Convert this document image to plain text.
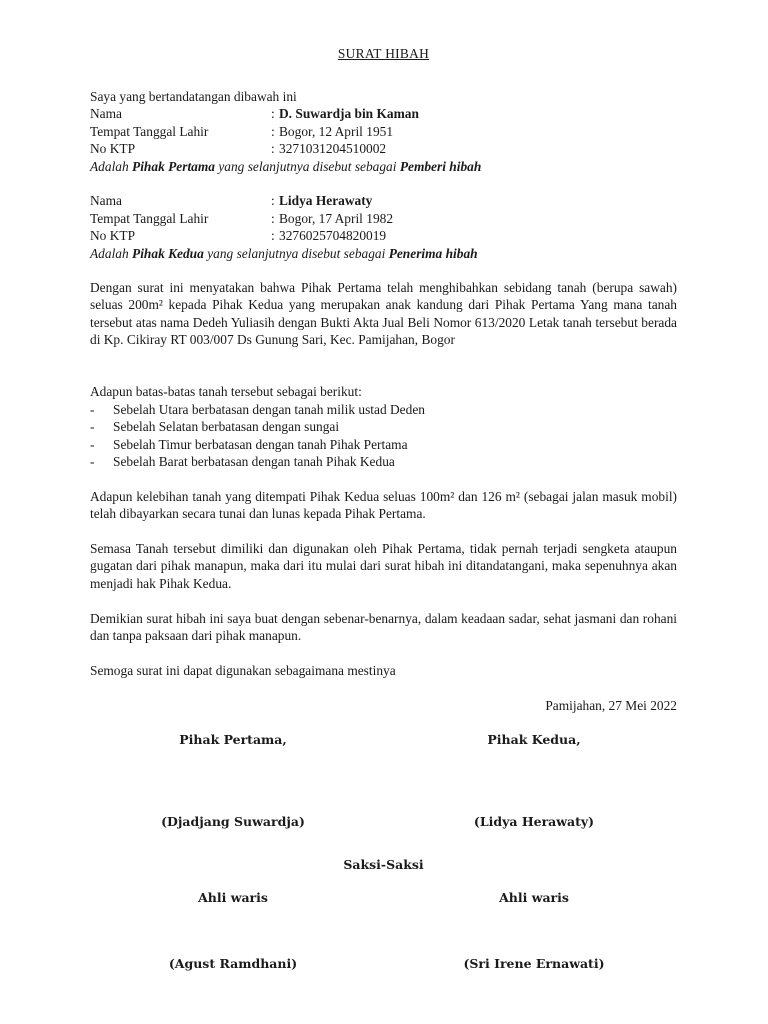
SURAT HIBAH
Saya yang bertandatangan dibawah ini
Nama	: D. Suwardja bin Kaman
Tempat Tanggal Lahir	: Bogor, 12 April 1951
No KTP	: 3271031204510002
Adalah Pihak Pertama yang selanjutnya disebut sebagai Pemberi hibah
Nama	: Lidya Herawaty
Tempat Tanggal Lahir	: Bogor, 17 April 1982
No KTP	: 3276025704820019
Adalah Pihak Kedua yang selanjutnya disebut sebagai Penerima hibah

Dengan surat ini menyatakan bahwa Pihak Pertama telah menghibahkan sebidang tanah (berupa sawah) seluas 200m² kepada Pihak Kedua yang merupakan anak kandung dari Pihak Pertama Yang mana tanah tersebut atas nama Dedeh Yuliasih dengan Bukti Akta Jual Beli Nomor 613/2020 Letak tanah tersebut berada di Kp. Cikiray RT 003/007 Ds Gunung Sari, Kec. Pamijahan, Bogor

Adapun batas-batas tanah tersebut sebagai berikut:
- Sebelah Utara berbatasan dengan tanah milik ustad Deden
- Sebelah Selatan berbatasan dengan sungai
- Sebelah Timur berbatasan dengan tanah Pihak Pertama
- Sebelah Barat berbatasan dengan tanah Pihak Kedua

Adapun kelebihan tanah yang ditempati Pihak Kedua seluas 100m² dan 126 m² (sebagai jalan masuk mobil) telah dibayarkan secara tunai dan lunas kepada Pihak Pertama.

Semasa Tanah tersebut dimiliki dan digunakan oleh Pihak Pertama, tidak pernah terjadi sengketa ataupun gugatan dari pihak manapun, maka dari itu mulai dari surat hibah ini ditandatangani, maka sepenuhnya akan menjadi hak Pihak Kedua.

Demikian surat hibah ini saya buat dengan sebenar-benarnya, dalam keadaan sadar, sehat jasmani dan rohani dan tanpa paksaan dari pihak manapun.

Semoga surat ini dapat digunakan sebagaimana mestinya
Pamijahan, 27 Mei 2022
Pihak Pertama,	Pihak Kedua,
(Djadjang Suwardja)	(Lidya Herawaty)
Saksi-Saksi
Ahli waris	Ahli waris
(Agust Ramdhani)	(Sri Irene Ernawati)
